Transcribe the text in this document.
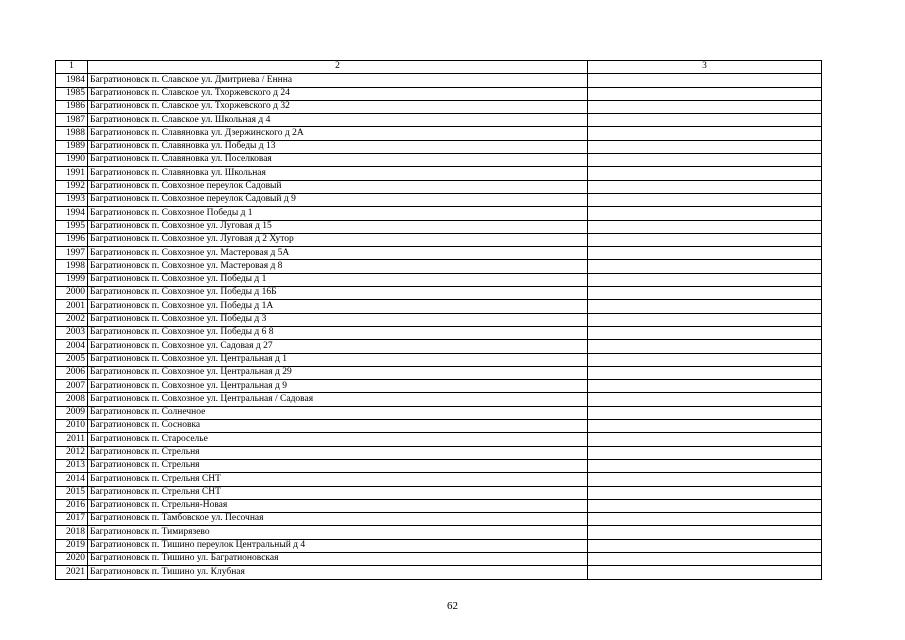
1	2	3
1984	Багратионовск п. Славское ул. Дмитриева / Еннна	
1985	Багратионовск п. Славское ул. Тхоржевского д 24	
1986	Багратионовск п. Славское ул. Тхоржевского д 32	
1987	Багратионовск п. Славское ул. Школьная д 4	
1988	Багратионовск п. Славяновка ул. Дзержинского д 2А	
1989	Багратионовск п. Славяновка ул. Победы д 13	
1990	Багратионовск п. Славяновка ул. Поселковая	
1991	Багратионовск п. Славяновка ул. Школьная	
1992	Багратионовск п. Совхозное переулок Садовый	
1993	Багратионовск п. Совхозное переулок Садовый д 9	
1994	Багратионовск п. Совхозное Победы д 1	
1995	Багратионовск п. Совхозное ул. Луговая д 15	
1996	Багратионовск п. Совхозное ул. Луговая д 2 Хутор	
1997	Багратионовск п. Совхозное ул. Мастеровая д 5А	
1998	Багратионовск п. Совхозное ул. Мастеровая д 8	
1999	Багратионовск п. Совхозное ул. Победы д 1	
2000	Багратионовск п. Совхозное ул. Победы д 16Б	
2001	Багратионовск п. Совхозное ул. Победы д 1А	
2002	Багратионовск п. Совхозное ул. Победы д 3	
2003	Багратионовск п. Совхозное ул. Победы д 6 8	
2004	Багратионовск п. Совхозное ул. Садовая д 27	
2005	Багратионовск п. Совхозное ул. Центральная д 1	
2006	Багратионовск п. Совхозное ул. Центральная д 29	
2007	Багратионовск п. Совхозное ул. Центральная д 9	
2008	Багратионовск п. Совхозное ул. Центральная / Садовая	
2009	Багратионовск п. Солнечное	
2010	Багратионовск п. Сосновка	
2011	Багратионовск п. Староселье	
2012	Багратионовск п. Стрельня	
2013	Багратионовск п. Стрельня	
2014	Багратионовск п. Стрельня СНТ	
2015	Багратионовск п. Стрельня СНТ	
2016	Багратионовск п. Стрельня-Новая	
2017	Багратионовск п. Тамбовское ул. Песочная	
2018	Багратионовск п. Тимирязево	
2019	Багратионовск п. Тишино переулок Центральный д 4	
2020	Багратионовск п. Тишино ул. Багратионовская	
2021	Багратионовск п. Тишино ул. Клубная	
62
